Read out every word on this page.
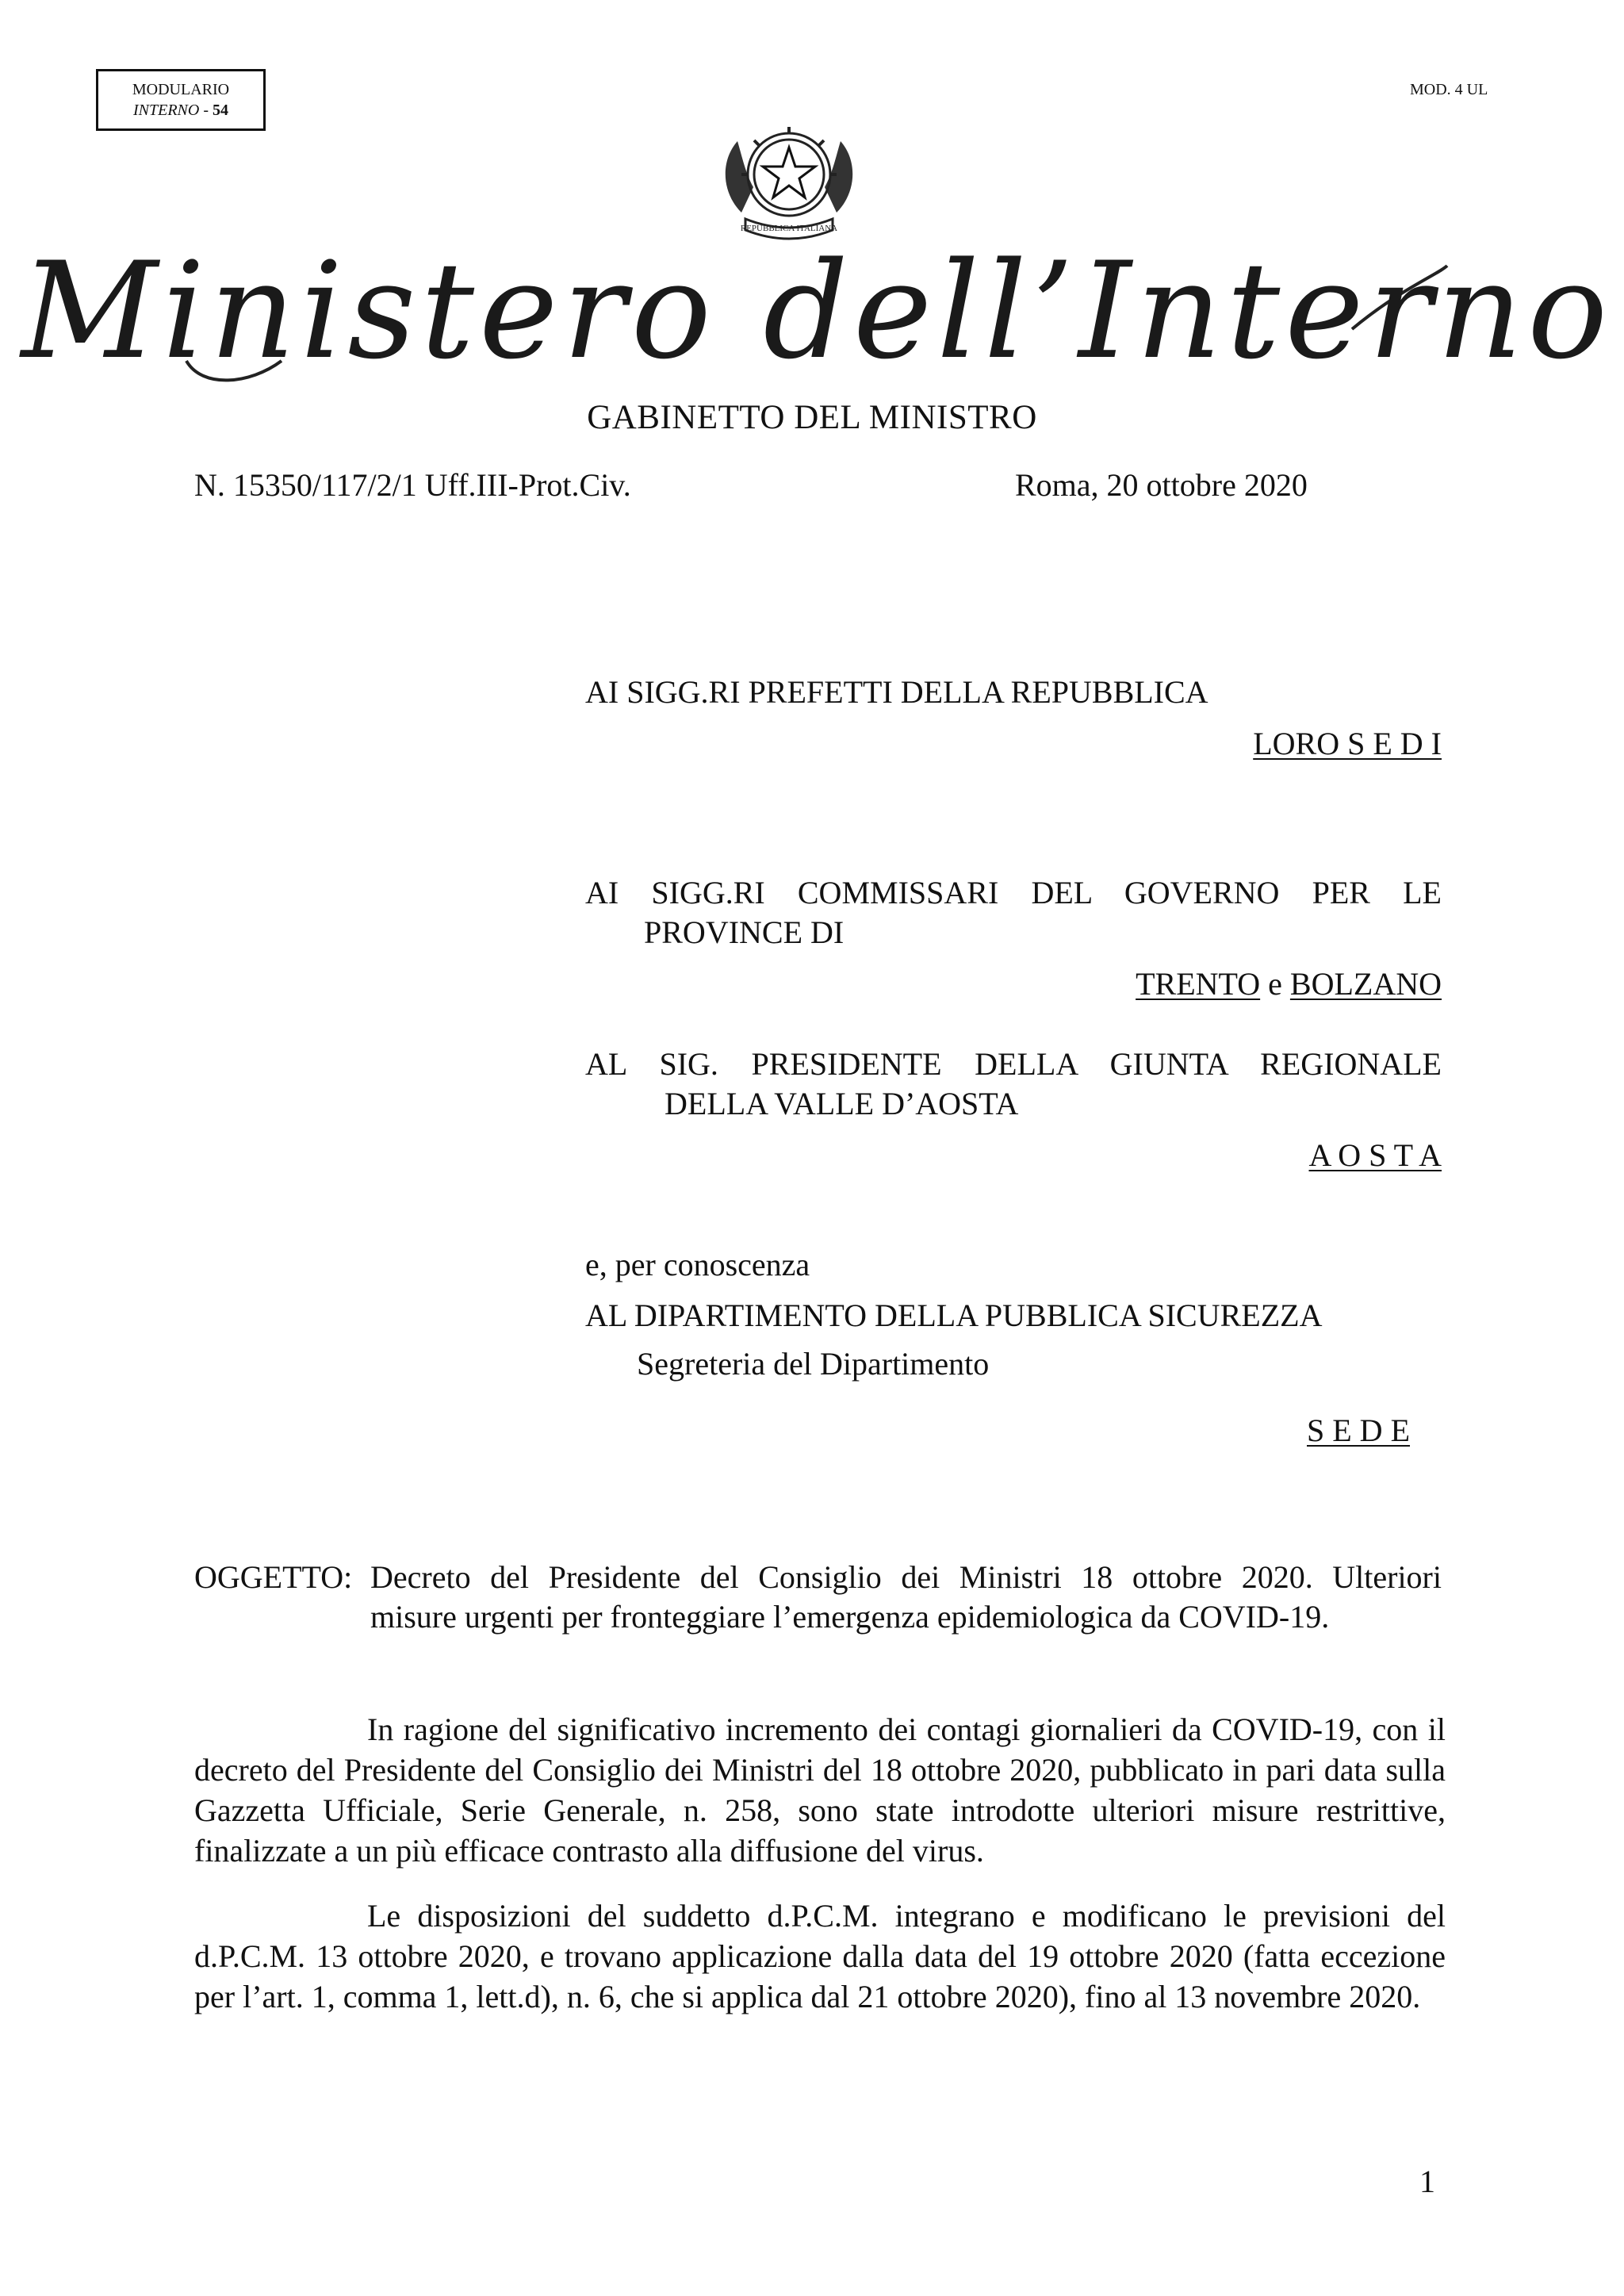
MODULARIO
INTERNO - 54
MOD. 4 UL
REPUBBLICA ITALIANA
Ministero dell’Interno
GABINETTO DEL MINISTRO
N. 15350/117/2/1 Uff.III-Prot.Civ.	Roma, 20 ottobre 2020
AI SIGG.RI PREFETTI DELLA REPUBBLICA
LORO S E D I
AI SIGG.RI COMMISSARI DEL GOVERNO PER LE
PROVINCE DI
TRENTO e BOLZANO
AL SIG. PRESIDENTE DELLA GIUNTA REGIONALE
DELLA VALLE D’AOSTA
A O S T A
e, per conoscenza
AL DIPARTIMENTO DELLA PUBBLICA SICUREZZA
Segreteria del Dipartimento
S E D E
OGGETTO: Decreto del Presidente del Consiglio dei Ministri 18 ottobre 2020. Ulteriori
misure urgenti per fronteggiare l’emergenza epidemiologica da COVID-19.
In ragione del significativo incremento dei contagi giornalieri da COVID-19, con il decreto del Presidente del Consiglio dei Ministri del 18 ottobre 2020, pubblicato in pari data sulla Gazzetta Ufficiale, Serie Generale, n. 258, sono state introdotte ulteriori misure restrittive, finalizzate a un più efficace contrasto alla diffusione del virus.
Le disposizioni del suddetto d.P.C.M. integrano e modificano le previsioni del d.P.C.M. 13 ottobre 2020, e trovano applicazione dalla data del 19 ottobre 2020 (fatta eccezione per l’art. 1, comma 1, lett.d), n. 6, che si applica dal 21 ottobre 2020), fino al 13 novembre 2020.
1
